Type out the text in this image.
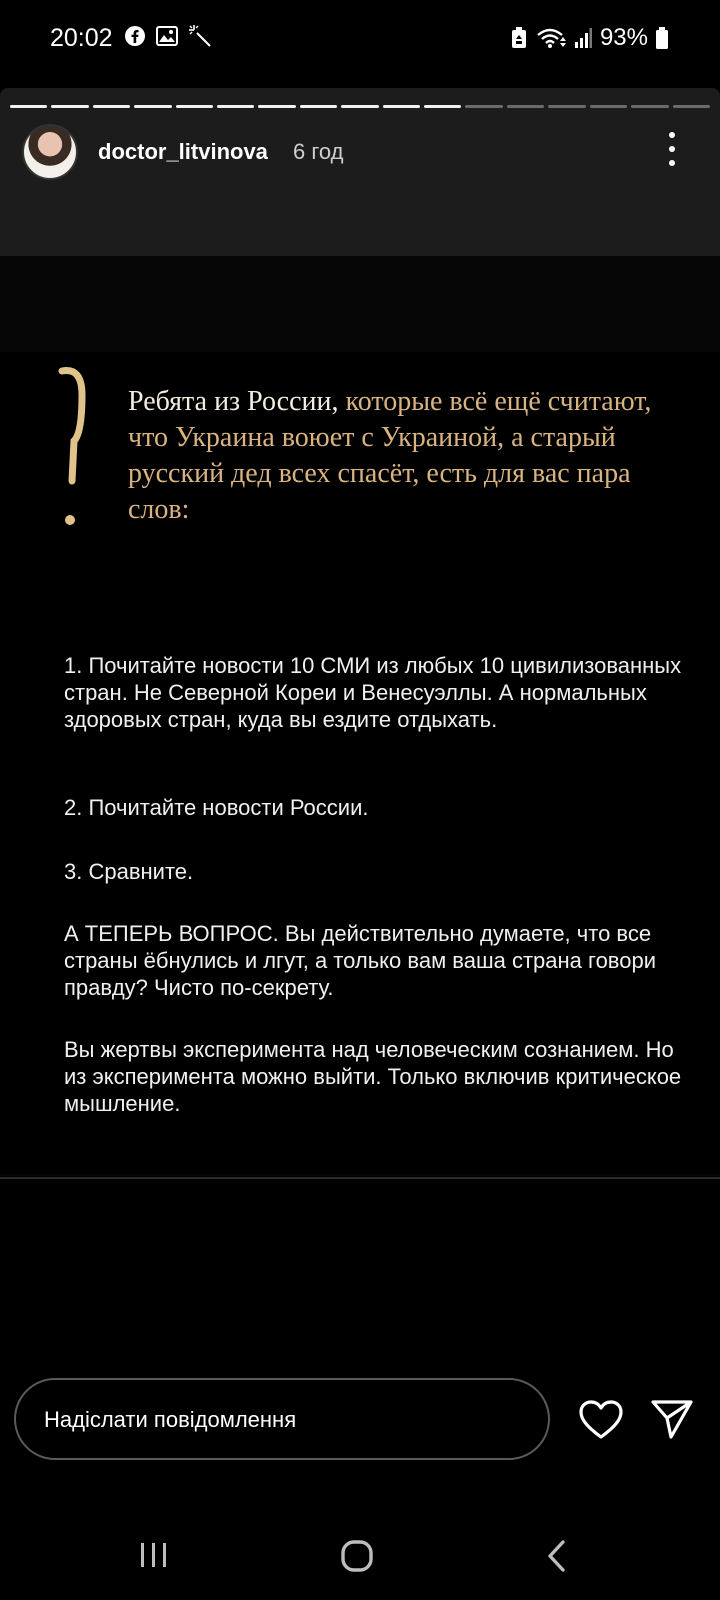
20:02	93%
doctor_litvinova 6 год
Ребята из России, которые всё ещё считают, что Украина воюет с Украиной, а старый русский дед всех спасёт, есть для вас пара слов:
1. Почитайте новости 10 СМИ из любых 10 цивилизованных стран. Не Северной Кореи и Венесуэллы. А нормальных здоровых стран, куда вы ездите отдыхать.
2. Почитайте новости России.
3. Сравните.
А ТЕПЕРЬ ВОПРОС. Вы действительно думаете, что все страны ёбнулись и лгут, а только вам ваша страна говори правду? Чисто по-секрету.
Вы жертвы эксперимента над человеческим сознанием. Но из эксперимента можно выйти. Только включив критическое мышление.
Надіслати повідомлення
